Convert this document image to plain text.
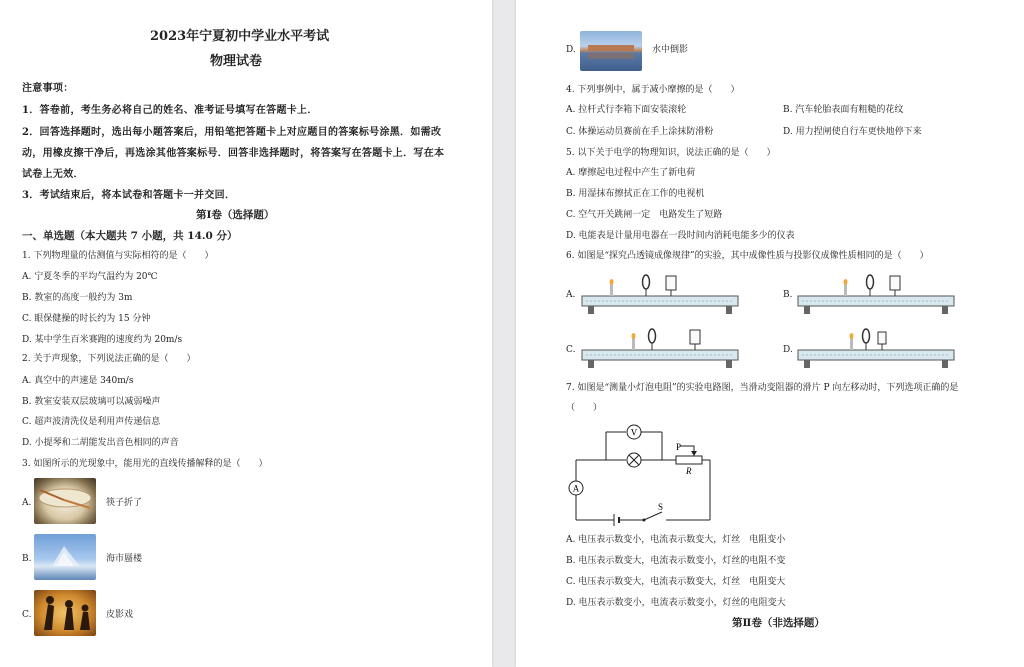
2023年宁夏初中学业水平考试
物理试卷
注意事项：
1．答卷前，考生务必将自己的姓名、准考证号填写在答题卡上．
2．回答选择题时，选出每小题答案后，用铅笔把答题卡上对应题目的答案标号涂黑．如需改
动，用橡皮擦干净后，再选涂其他答案标号．回答非选择题时，将答案写在答题卡上．写在本
试卷上无效．
3．考试结束后，将本试卷和答题卡一并交回．
第Ⅰ卷（选择题）
一、单选题（本大题共 7 小题，共 14.0 分）
1. 下列物理量的估测值与实际相符的是（　　）
A. 宁夏冬季的平均气温约为 20℃
B. 教室的高度一般约为 3m
C. 眼保健操的时长约为 15 分钟
D. 某中学生百米赛跑的速度约为 20m/s
2. 关于声现象，下列说法正确的是（　　）
A. 真空中的声速是 340m/s
B. 教室安装双层玻璃可以减弱噪声
C. 超声波清洗仪是利用声传递信息
D. 小提琴和二胡能发出音色相同的声音
3. 如图所示的光现象中，能用光的直线传播解释的是（　　）
A.	筷子折了
B.	海市蜃楼
C.	皮影戏
D.	水中倒影
4. 下列事例中，属于减小摩擦的是（　　）
A. 拉杆式行李箱下面安装滚轮	B. 汽车轮胎表面有粗糙的花纹
C. 体操运动员赛前在手上涂抹防滑粉	D. 用力捏闸使自行车更快地停下来
5. 以下关于电学的物理知识，说法正确的是（　　）
A. 摩擦起电过程中产生了新电荷
B. 用湿抹布擦拭正在工作的电视机
C. 空气开关跳闸一定　电路发生了短路
D. 电能表是计量用电器在一段时间内消耗电能多少的仪表
6. 如图是“探究凸透镜成像规律”的实验，其中成像性质与投影仪成像性质相同的是（　　）
A.	B.
C.	D.
7. 如图是“测量小灯泡电阻”的实验电路图，当滑动变阻器的滑片 P 向左移动时，下列选项正确的是
（　　）
A
V
P
R
S
A. 电压表示数变小，电流表示数变大，灯丝　电阻变小
B. 电压表示数变大，电流表示数变小，灯丝的电阻不变
C. 电压表示数变大，电流表示数变大，灯丝　电阻变大
D. 电压表示数变小，电流表示数变小，灯丝的电阻变大
第Ⅱ卷（非选择题）
